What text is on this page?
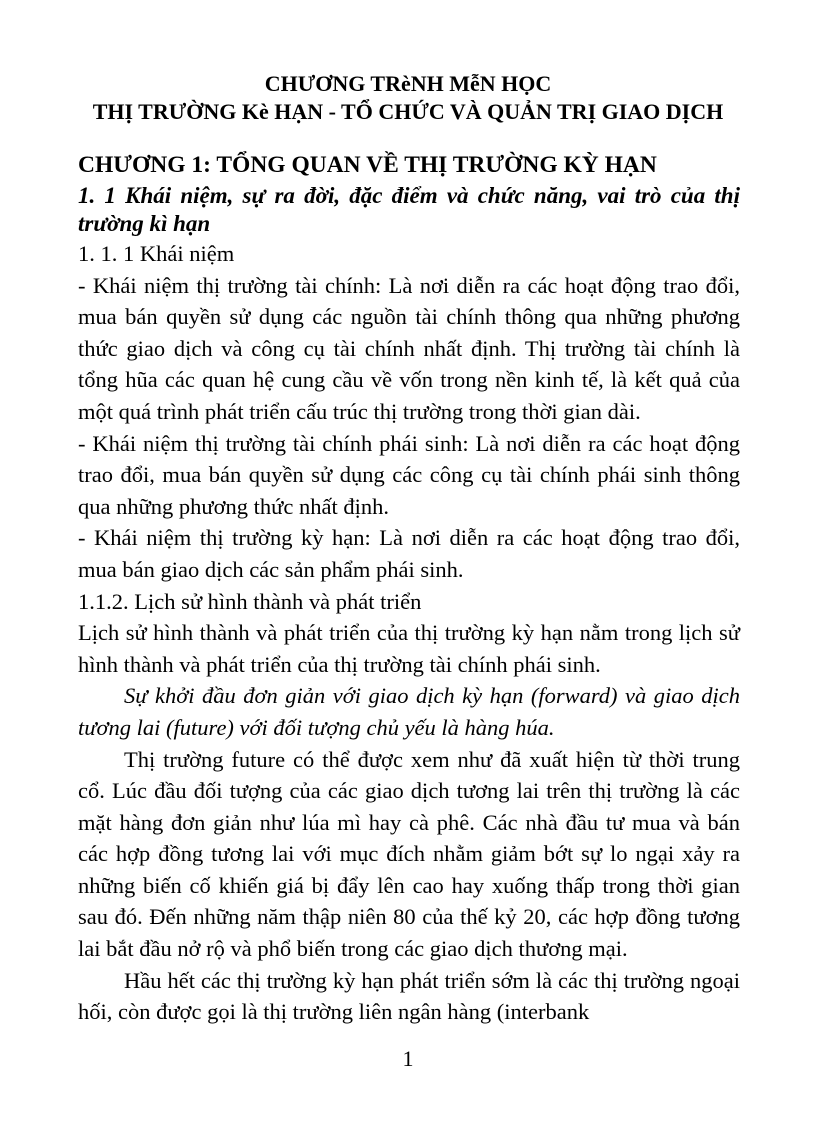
CHƯƠNG TRèNH MễN HỌC
THỊ TRƯỜNG Kè HẠN - TỔ CHỨC VÀ QUẢN TRỊ GIAO DỊCH

CHƯƠNG 1: TỔNG QUAN VỀ THỊ TRƯỜNG KỲ HẠN

1. 1 Khái niệm, sự ra đời, đặc điểm và chức năng, vai trò của thị trường kì hạn

1. 1. 1 Khái niệm

- Khái niệm thị trường tài chính: Là nơi diễn ra các hoạt động trao đổi, mua bán quyền sử dụng các nguồn tài chính thông qua những phương thức giao dịch và công cụ tài chính nhất định. Thị trường tài chính là tổng hũa các quan hệ cung cầu về vốn trong nền kinh tế, là kết quả của một quá trình phát triển cấu trúc thị trường trong thời gian dài.

- Khái niệm thị trường tài chính phái sinh: Là nơi diễn ra các hoạt động trao đổi, mua bán quyền sử dụng các công cụ tài chính phái sinh thông qua những phương thức nhất định.

- Khái niệm thị trường kỳ hạn: Là nơi diễn ra các hoạt động trao đổi, mua bán giao dịch các sản phẩm phái sinh.

1.1.2. Lịch sử hình thành và phát triển

Lịch sử hình thành và phát triển của thị trường kỳ hạn nằm trong lịch sử hình thành và phát triển của thị trường tài chính phái sinh.

Sự khởi đầu đơn giản với giao dịch kỳ hạn (forward) và giao dịch tương lai (future) với đối tượng chủ yếu là hàng húa.

Thị trường future có thể được xem như đã xuất hiện từ thời trung cổ. Lúc đầu đối tượng của các giao dịch tương lai trên thị trường là các mặt hàng đơn giản như lúa mì hay cà phê. Các nhà đầu tư mua và bán các hợp đồng tương lai với mục đích nhằm giảm bớt sự lo ngại xảy ra những biến cố khiến giá bị đẩy lên cao hay xuống thấp trong thời gian sau đó. Đến những năm thập niên 80 của thế kỷ 20, các hợp đồng tương lai bắt đầu nở rộ và phổ biến trong các giao dịch thương mại.

Hầu hết các thị trường kỳ hạn phát triển sớm là các thị trường ngoại hối, còn được gọi là thị trường liên ngân hàng (interbank

1
